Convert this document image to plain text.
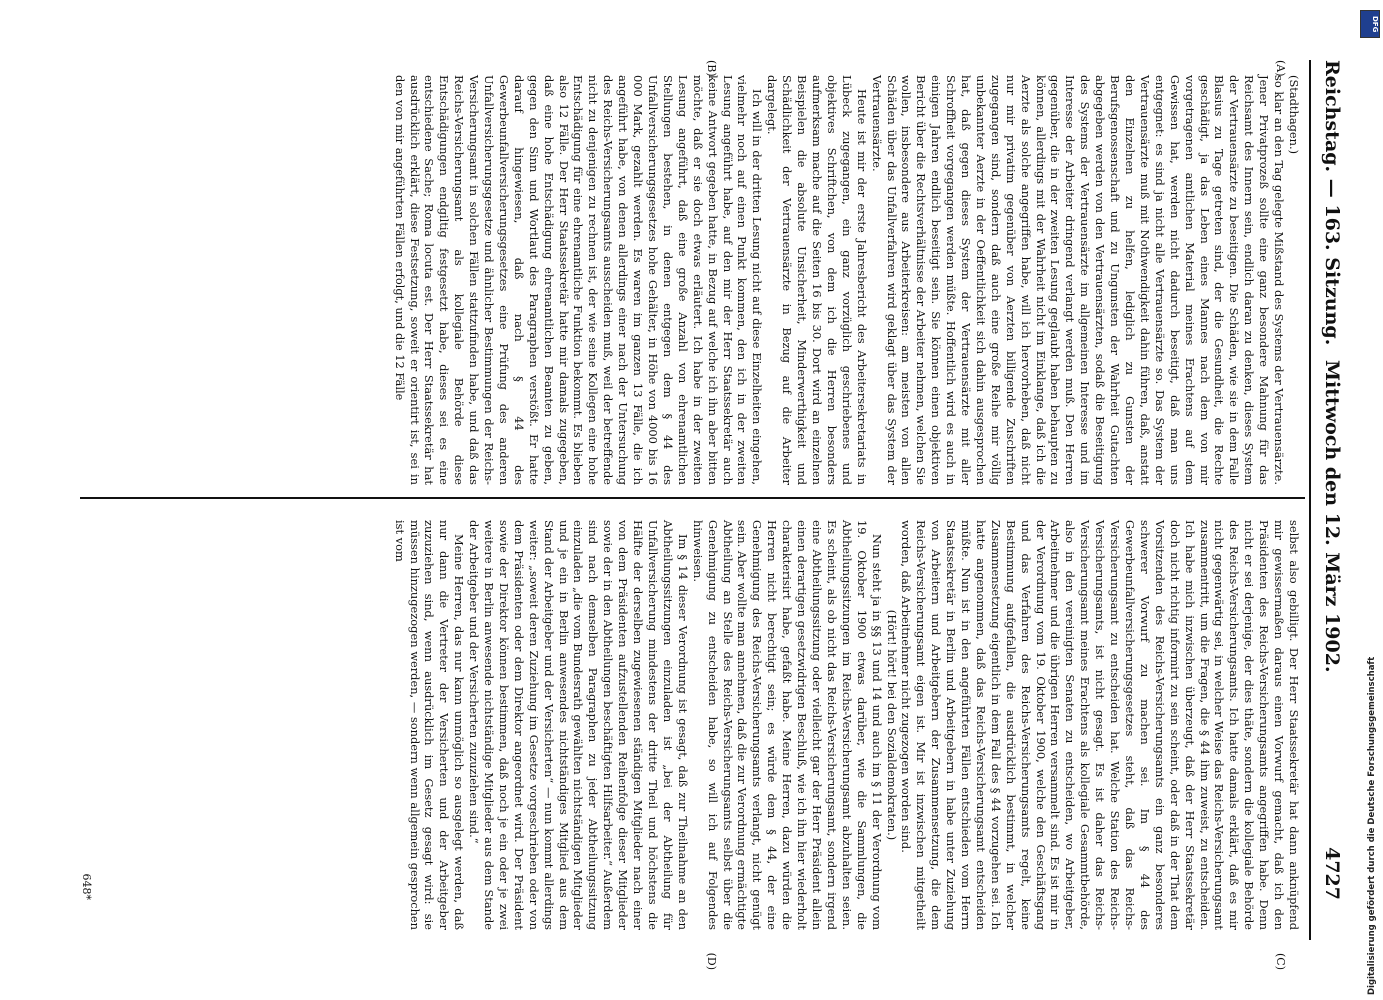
Reichstag. — 163. Sitzung.
Mittwoch den 12. März 1902.
4727
(A)
(B)
(C)
(D)

(Stadthagen.)

so klar an den Tag gelegte Mißstand des Systems der Vertrauensärzte. Jener Privatprozeß sollte eine ganz besondere Mahnung für das Reichsamt des Innern sein, endlich daran zu denken, dieses System der Vertrauensärzte zu beseitigen. Die Schäden, wie sie in dem Falle Blasius zu Tage getreten sind, der die Gesundheit, die Rechte geschädigt, ja das Leben eines Mannes nach dem von mir vorgetragenen amtlichen Material meines Erachtens auf dem Gewissen hat, werden nicht dadurch beseitigt, daß man uns entgegnet: es sind ja nicht alle Vertrauensärzte so. Das System der Vertrauensärzte muß mit Nothwendigkeit dahin führen, daß, anstatt den Einzelnen zu helfen, lediglich zu Gunsten der Berufsgenossenschaft und zu Ungunsten der Wahrheit Gutachten abgegeben werden von den Vertrauensärzten, sodaß die Beseitigung des Systems der Vertrauensärzte im allgemeinen Interesse und im Interesse der Arbeiter dringend verlangt werden muß. Den Herren gegenüber, die in der zweiten Lesung geglaubt haben behaupten zu können, allerdings mit der Wahrheit nicht im Einklange, daß ich die Aerzte als solche angegriffen habe, will ich hervorheben, daß nicht nur mir privatim gegenüber von Aerzten billigende Zuschriften zugegangen sind, sondern daß auch eine große Reihe mir völlig unbekannter Aerzte in der Oeffentlichkeit sich dahin ausgesprochen hat, daß gegen dieses System der Vertrauensärzte mit aller Schroffheit vorgegangen werden müßte. Hoffentlich wird es auch in einigen Jahren endlich beseitigt sein. Sie können einen objektiven Bericht über die Rechtsverhältnisse der Arbeiter nehmen, welchen Sie wollen, insbesondere aus Arbeiterkreisen: am meisten von allen Schäden über das Unfallverfahren wird geklagt über das System der Vertrauensärzte.

Heute ist mir der erste Jahresbericht des Arbeitersekretariats in Lübeck zugegangen, ein ganz vorzüglich geschriebenes und objektives Schriftchen, von dem ich die Herren besonders aufmerksam mache auf die Seiten 16 bis 30. Dort wird an einzelnen Beispielen die absolute Unsicherheit, Minderwerthigkeit und Schädlichkeit der Vertrauensärzte in Bezug auf die Arbeiter dargelegt.

Ich will in der dritten Lesung nicht auf diese Einzelheiten eingehen, vielmehr noch auf einen Punkt kommen, den ich in der zweiten Lesung angeführt habe, auf den mir der Herr Staatssekretär auch keine Antwort gegeben hatte, in Bezug auf welche ich ihn aber bitten möchte, daß er sie doch etwas erläutert. Ich habe in der zweiten Lesung angeführt, daß eine große Anzahl von ehrenamtlichen Stellungen bestehen, in denen entgegen dem § 44 des Unfallversicherungsgesetzes hohe Gehälter, in Höhe von 4000 bis 16 000 Mark, gezahlt werden. Es waren im ganzen 13 Fälle, die ich angeführt habe, von denen allerdings einer nach der Untersuchung des Reichs-Versicherungsamts ausscheiden muß, weil der betreffende nicht zu denjenigen zu rechnen ist, der wie seine Kollegen eine hohe Entschädigung für eine ehrenamtliche Funktion bekommt. Es blieben also 12 Fälle. Der Herr Staatssekretär hatte mir damals zugegeben, daß eine hohe Entschädigung ehrenamtlichen Beamten zu geben, gegen den Sinn und Wortlaut des Paragraphen verstößt. Er hatte darauf hingewiesen, daß nach § 44 des Gewerbeunfallversicherungsgesetzes eine Prüfung des anderen Unfallversicherungsgesetze und ähnlicher Bestimmungen der Reichs-Versicherungsamt in solchen Fällen stattzufinden habe, und daß das Reichs-Versicherungsamt als kollegiale Behörde diese Entschädigungen endgiltig festgesetzt habe, dieses sei es eine entschiedene Sache; Roma locuta est. Der Herr Staatssekretär hat ausdrücklich erklärt, diese Festsetzung, soweit er orientirt ist, sei in den von mir angeführten Fällen erfolgt, und die 12 Fälle

selbst also gebilligt. Der Herr Staatssekretär hat dann anknüpfend mir gewissermaßen daraus einen Vorwurf gemacht, daß ich den Präsidenten des Reichs-Versicherungsamts angegriffen habe. Denn nicht er sei derjenige, der dies thäte, sondern die kollegiale Behörde des Reichs-Versicherungsamts. Ich hatte damals erklärt, daß es mir nicht gegenwärtig sei, in welcher Weise das Reichs-Versicherungsamt zusammentritt, um die Fragen, die § 44 ihm zuweist, zu entscheiden. Ich habe mich inzwischen überzeugt, daß der Herr Staatssekretär doch nicht richtig informirt zu sein scheint, oder daß in der That dem Vorsitzenden des Reichs-Versicherungsamts ein ganz besonderes schwerer Vorwurf zu machen sei. Im § 44 des Gewerbeunfallversicherungsgesetzes steht, daß das Reichs-Versicherungsamt zu entscheiden hat. Welche Station des Reichs-Versicherungsamts, ist nicht gesagt. Es ist daher das Reichs-Versicherungsamt meines Erachtens als kollegiale Gesammtbehörde, also in den vereinigten Senaten zu entscheiden, wo Arbeitgeber, Arbeitnehmer und die übrigen Herren versammelt sind. Es ist mir in der Verordnung vom 19. Oktober 1900, welche den Geschäftsgang und das Verfahren des Reichs-Versicherungsamts regelt, keine Bestimmung aufgefallen, die ausdrücklich bestimmt, in welcher Zusammensetzung eigentlich in dem Fall des § 44 vorzugehen sei. Ich hatte angenommen, daß das Reichs-Versicherungsamt entscheiden müßte. Nun ist in den angeführten Fällen entschieden vom Herrn Staatssekretär in Berlin und Arbeitgebern in habe unter Zuziehung von Arbeitern und Arbeitgebern der Zusammensetzung, die dem Reichs-Versicherungsamt eigen ist. Mir ist inzwischen mitgetheilt worden, daß Arbeitnehmer nicht zugezogen worden sind.

(Hört! hört! bei den Sozialdemokraten.)

Nun steht ja in §§ 13 und 14 und auch im § 11 der Verordnung vom 19. Oktober 1900 etwas darüber, wie die Sammlungen, die Abtheilungssitzungen im Reichs-Versicherungsamt abzuhalten seien. Es scheint, als ob nicht das Reichs-Versicherungsamt, sondern irgend eine Abtheilungssitzung oder vielleicht gar der Herr Präsident allein einen derartigen gesetzwidrigen Beschluß, wie ich ihn hier wiederholt charakterisirt habe, gefaßt habe. Meine Herren, dazu würden die Herren nicht berechtigt sein; es würde dem § 44, der eine Genehmigung des Reichs-Versicherungsamts verlangt, nicht genügt sein. Aber wollte man annehmen, daß die zur Verordnung ermächtigte Abtheilung an Stelle des Reichs-Versicherungsamts selbst über die Genehmigung zu entscheiden habe, so will ich auf Folgendes hinweisen.

Im § 14 dieser Verordnung ist gesagt, daß zur Theilnahme an den Abtheilungssitzungen einzuladen ist „bei der Abtheilung für Unfallversicherung mindestens der dritte Theil und höchstens die Hälfte der derselben zugewiesenen ständigen Mitglieder nach einer von dem Präsidenten aufzustellenden Reihenfolge dieser Mitglieder sowie der in den Abtheilungen beschäftigten Hilfsarbeiter.“ Außerdem sind nach demselben Paragraphen zu jeder Abtheilungssitzung einzuladen „die vom Bundesrath gewählten nichtständigen Mitglieder und je ein in Berlin anwesendes nichtständiges Mitglied aus dem Stand der Arbeitgeber und der Versicherten“ — nun kommt allerdings weiter: „soweit deren Zuziehung im Gesetze vorgeschrieben oder von dem Präsidenten oder dem Direktor angeordnet wird. Der Präsident sowie der Direktor können bestimmen, daß noch je ein oder je zwei weitere in Berlin anwesende nichtständige Mitglieder aus dem Stande der Arbeitgeber und der Versicherten zuzuziehen sind.“

Meine Herren, das nur kann unmöglich so ausgelegt werden, daß nur dann die Vertreter der Versicherten und der Arbeitgeber zuzuziehen sind, wenn ausdrücklich im Gesetz gesagt wird: sie müssen hinzugezogen werden, — sondern wenn allgemein gesprochen ist vom

648*
DFG
Digitalisierung gefördert durch die Deutsche Forschungsgemeinschaft
